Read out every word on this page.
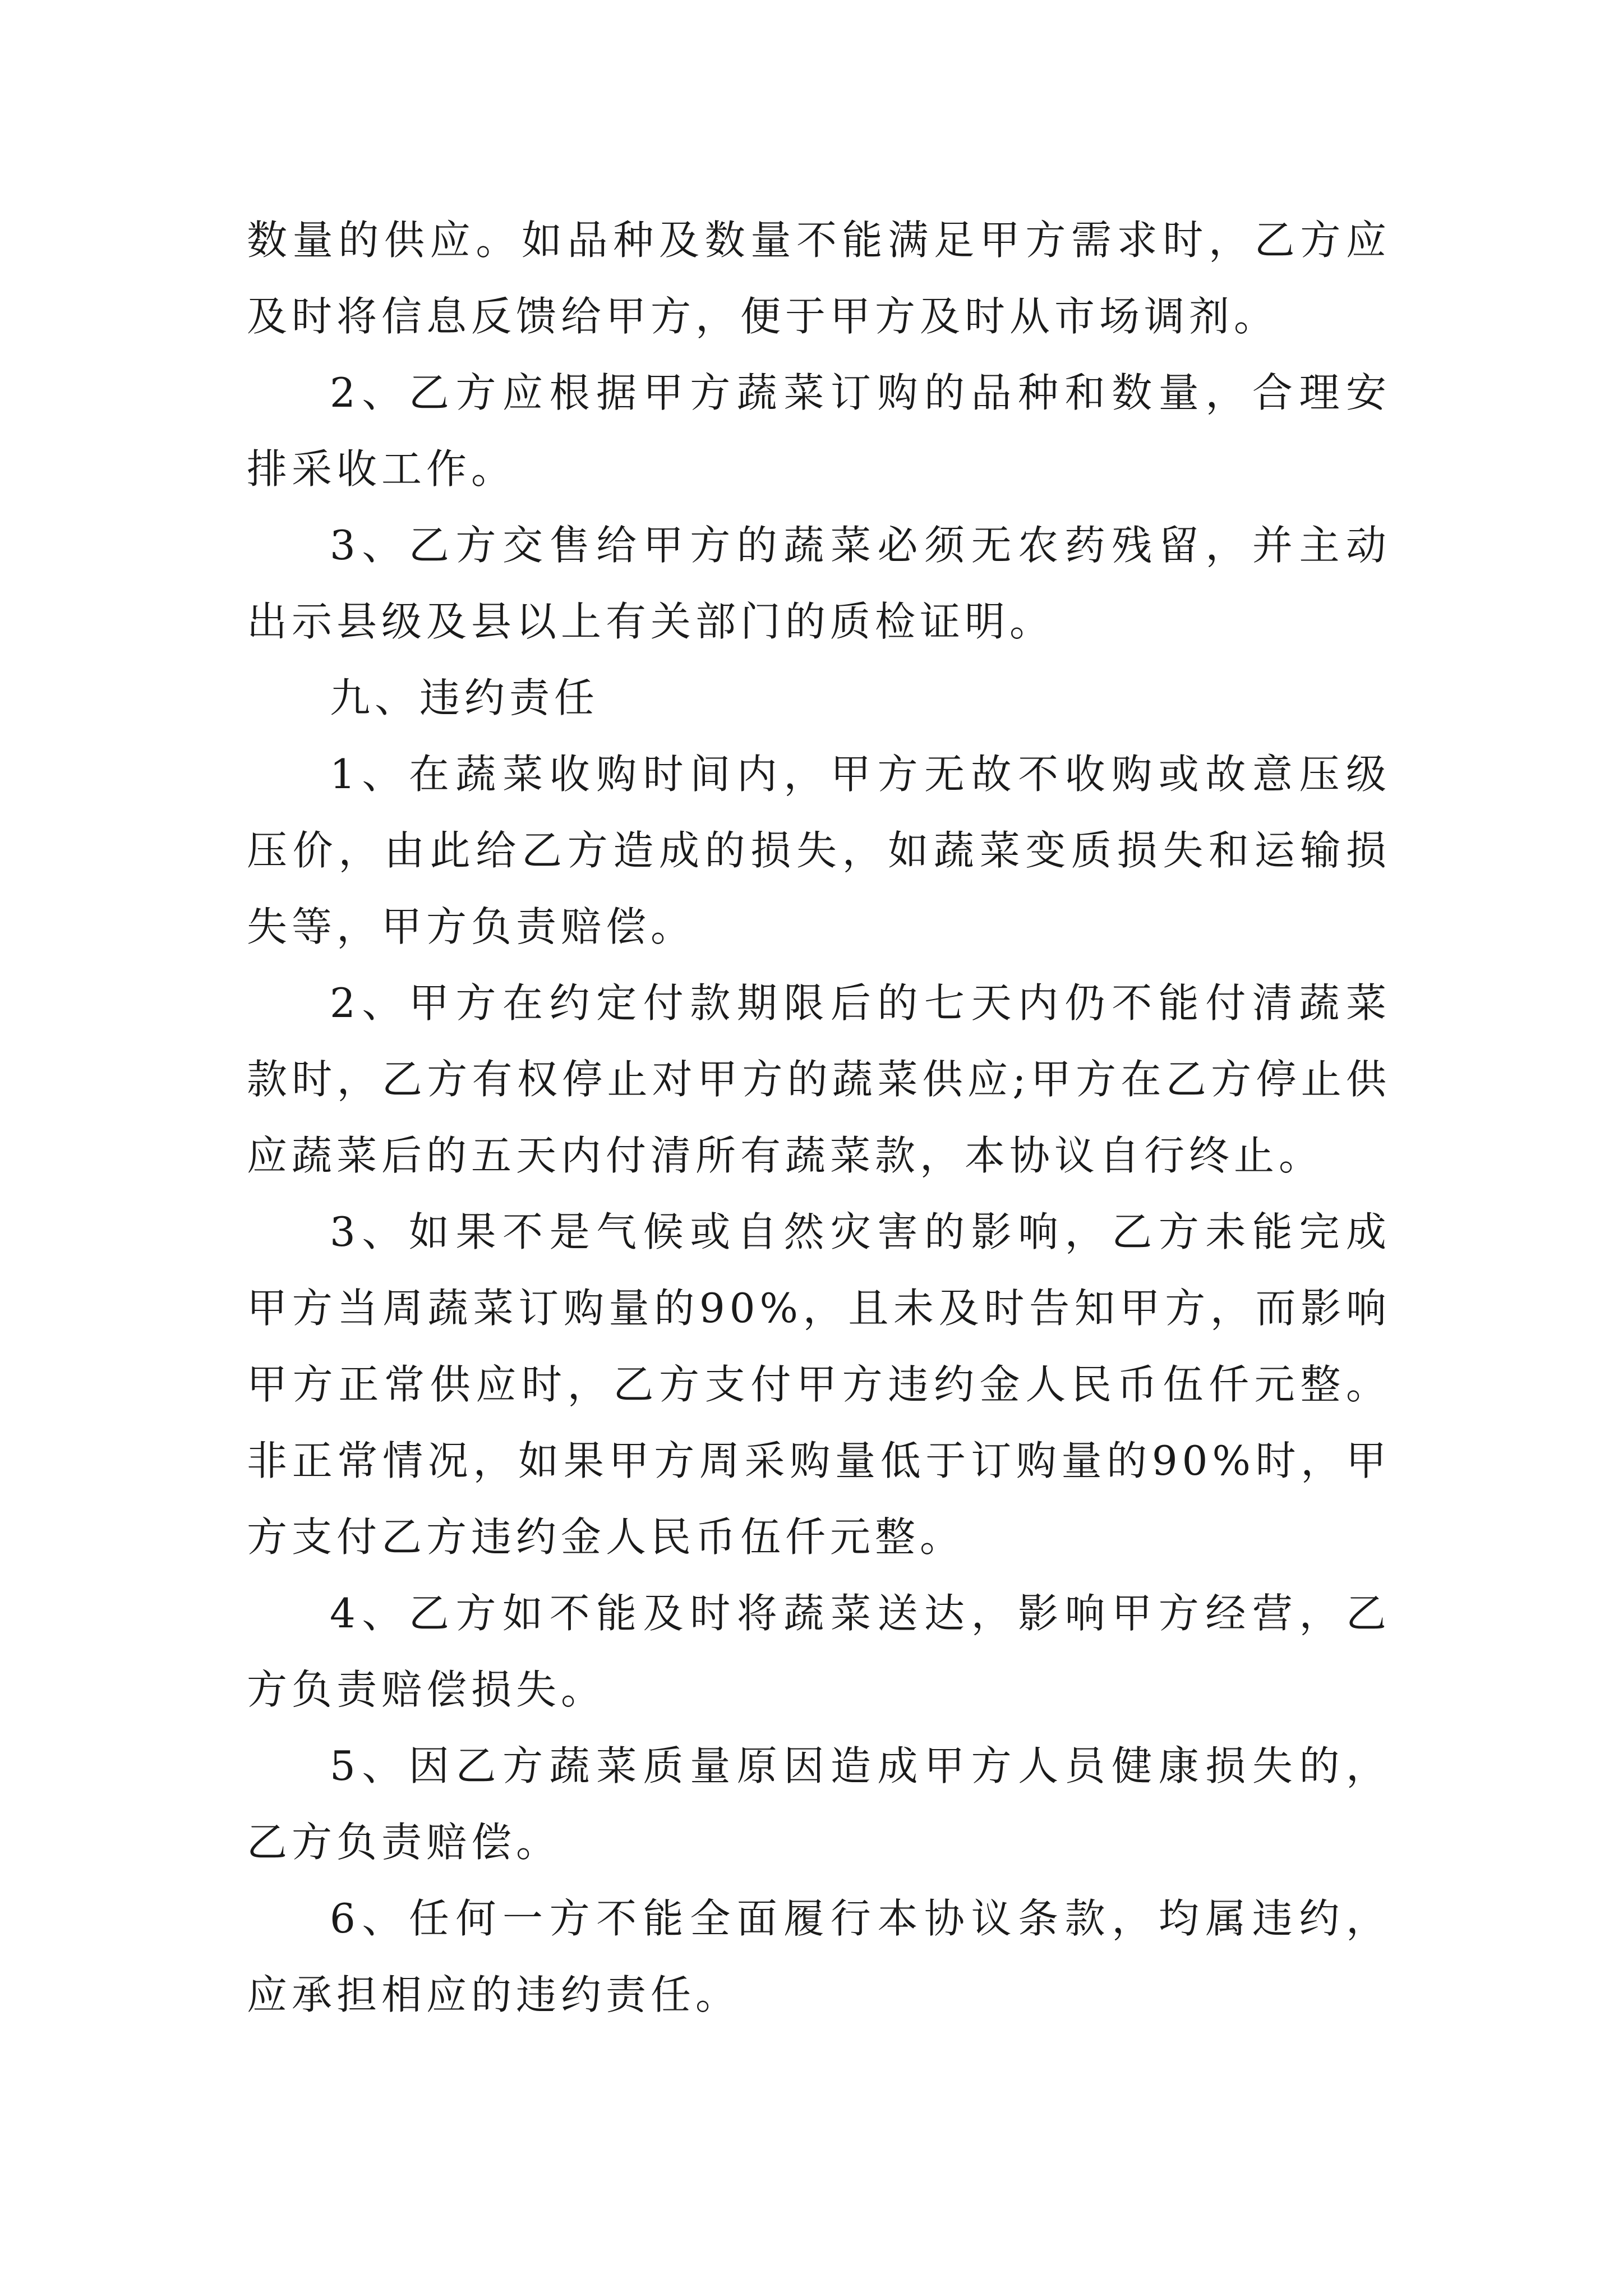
数量的供应。如品种及数量不能满足甲方需求时，乙方应及时将信息反馈给甲方，便于甲方及时从市场调剂。

2、乙方应根据甲方蔬菜订购的品种和数量，合理安排采收工作。

3、乙方交售给甲方的蔬菜必须无农药残留，并主动出示县级及县以上有关部门的质检证明。

九、违约责任

1、在蔬菜收购时间内，甲方无故不收购或故意压级压价，由此给乙方造成的损失，如蔬菜变质损失和运输损失等，甲方负责赔偿。

2、甲方在约定付款期限后的七天内仍不能付清蔬菜款时，乙方有权停止对甲方的蔬菜供应;甲方在乙方停止供应蔬菜后的五天内付清所有蔬菜款，本协议自行终止。

3、如果不是气候或自然灾害的影响，乙方未能完成甲方当周蔬菜订购量的90%，且未及时告知甲方，而影响甲方正常供应时，乙方支付甲方违约金人民币伍仟元整。非正常情况，如果甲方周采购量低于订购量的90%时，甲方支付乙方违约金人民币伍仟元整。

4、乙方如不能及时将蔬菜送达，影响甲方经营，乙方负责赔偿损失。

5、因乙方蔬菜质量原因造成甲方人员健康损失的，乙方负责赔偿。

6、任何一方不能全面履行本协议条款，均属违约，应承担相应的违约责任。
